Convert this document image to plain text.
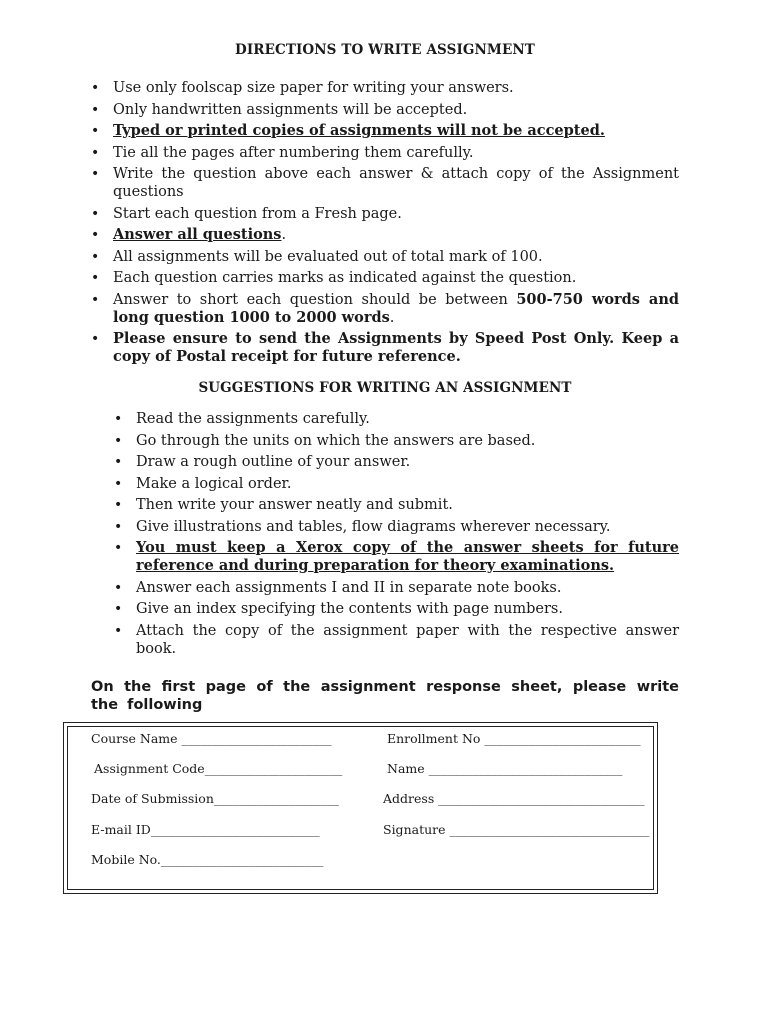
DIRECTIONS TO WRITE ASSIGNMENT
• Use only foolscap size paper for writing your answers.
• Only handwritten assignments will be accepted.
• Typed or printed copies of assignments will not be accepted.
• Tie all the pages after numbering them carefully.
• Write the question above each answer & attach copy of the Assignment questions
• Start each question from a Fresh page.
• Answer all questions.
• All assignments will be evaluated out of total mark of 100.
• Each question carries marks as indicated against the question.
• Answer to short each question should be between 500-750 words and long question 1000 to 2000 words.
• Please ensure to send the Assignments by Speed Post Only. Keep a copy of Postal receipt for future reference.
SUGGESTIONS FOR WRITING AN ASSIGNMENT
• Read the assignments carefully.
• Go through the units on which the answers are based.
• Draw a rough outline of your answer.
• Make a logical order.
• Then write your answer neatly and submit.
• Give illustrations and tables, flow diagrams wherever necessary.
• You must keep a Xerox copy of the answer sheets for future reference and during preparation for theory examinations.
• Answer each assignments I and II in separate note books.
• Give an index specifying the contents with page numbers.
• Attach the copy of the assignment paper with the respective answer book.
On the first page of the assignment response sheet, please write the following
Course Name ________________________	Enrollment No _________________________
Assignment Code______________________	Name _______________________________
Date of Submission____________________	Address _________________________________
E-mail ID___________________________	Signature ________________________________
Mobile No.__________________________
